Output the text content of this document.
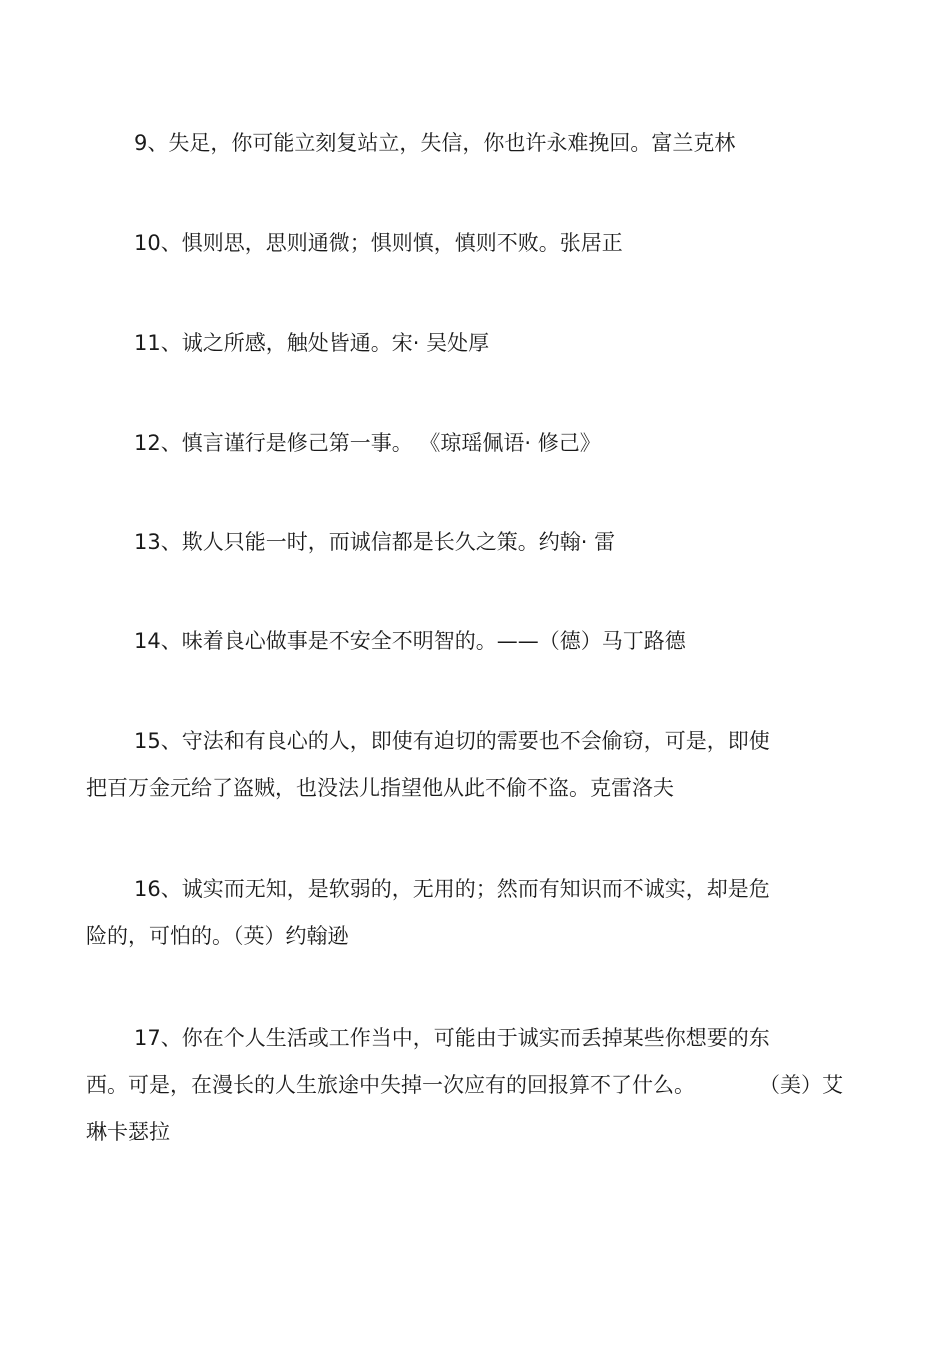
9、失足，你可能立刻复站立，失信，你也许永难挽回。富兰克林

10、惧则思，思则通微；惧则慎，慎则不败。张居正

11、诚之所感，触处皆通。宋· 吴处厚

12、慎言谨行是修己第一事。 《琼瑶佩语· 修己》

13、欺人只能一时，而诚信都是长久之策。约翰· 雷

14、味着良心做事是不安全不明智的。——（德）马丁路德

15、守法和有良心的人，即使有迫切的需要也不会偷窃，可是，即使
把百万金元给了盗贼，也没法儿指望他从此不偷不盗。克雷洛夫

16、诚实而无知，是软弱的，无用的；然而有知识而不诚实，却是危
险的，可怕的。（英）约翰逊

17、你在个人生活或工作当中，可能由于诚实而丢掉某些你想要的东
西。可是，在漫长的人生旅途中失掉一次应有的回报算不了什么。	（美）艾
琳卡瑟拉
